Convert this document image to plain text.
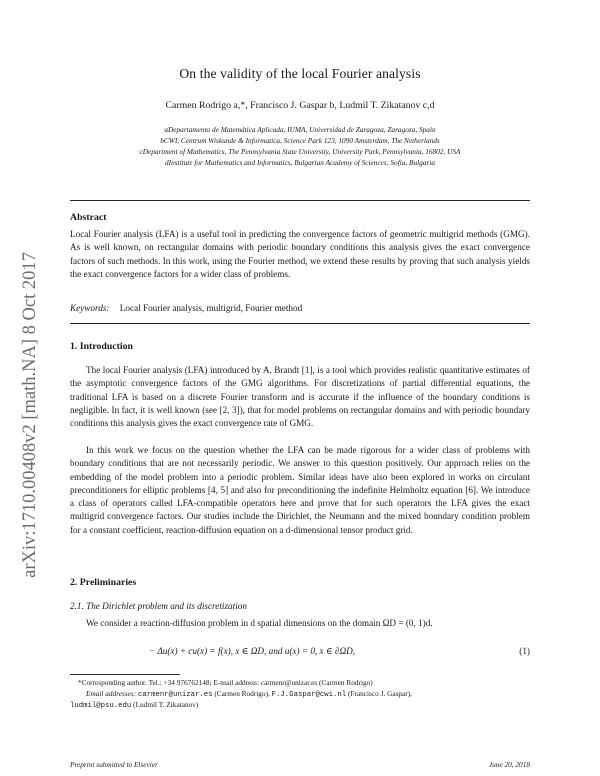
arXiv:1710.00408v2 [math.NA] 8 Oct 2017
On the validity of the local Fourier analysis
Carmen Rodrigo a,*, Francisco J. Gaspar b, Ludmil T. Zikatanov c,d
aDepartamento de Matemática Aplicada, IUMA, Universidad de Zaragoza, Zaragoza, Spain
bCWI, Centrum Wiskunde & Informatica, Science Park 123, 1090 Amsterdam, The Netherlands
cDepartment of Mathematics, The Pennsylvania State University, University Park, Pennsylvania, 16802, USA
dInstitute for Mathematics and Informatics, Bulgarian Academy of Sciences, Sofia, Bulgaria
Abstract

Local Fourier analysis (LFA) is a useful tool in predicting the convergence factors of geometric multigrid methods (GMG). As is well known, on rectangular domains with periodic boundary conditions this analysis gives the exact convergence factors of such methods. In this work, using the Fourier method, we extend these results by proving that such analysis yields the exact convergence factors for a wider class of problems.

Keywords: Local Fourier analysis, multigrid, Fourier method
1. Introduction

The local Fourier analysis (LFA) introduced by A. Brandt [1], is a tool which provides realistic quantitative estimates of the asymptotic convergence factors of the GMG algorithms. For discretizations of partial differential equations, the traditional LFA is based on a discrete Fourier transform and is accurate if the influence of the boundary conditions is negligible. In fact, it is well known (see [2, 3]), that for model problems on rectangular domains and with periodic boundary conditions this analysis gives the exact convergence rate of GMG.

In this work we focus on the question whether the LFA can be made rigorous for a wider class of problems with boundary conditions that are not necessarily periodic. We answer to this question positively. Our approach relies on the embedding of the model problem into a periodic problem. Similar ideas have also been explored in works on circulant preconditioners for elliptic problems [4, 5] and also for preconditioning the indefinite Helmholtz equation [6]. We introduce a class of operators called LFA-compatible operators here and prove that for such operators the LFA gives the exact multigrid convergence factors. Our studies include the Dirichlet, the Neumann and the mixed boundary condition problem for a constant coefficient, reaction-diffusion equation on a d-dimensional tensor product grid.

2. Preliminaries
2.1. The Dirichlet problem and its discretization

We consider a reaction-diffusion problem in d spatial dimensions on the domain ΩD = (0, 1)d.

− Δu(x) + cu(x) = f(x), x ∈ ΩD, and u(x) = 0, x ∈ ∂ΩD,	(1)
*Corresponding author. Tel.: +34 976762148; E-mail address: carmenr@unizar.es (Carmen Rodrigo)
Email addresses: carmenr@unizar.es (Carmen Rodrigo), F.J.Gaspar@cwi.nl (Francisco J. Gaspar),
ludmil@psu.edu (Ludmil T. Zikatanov)
Preprint submitted to Elsevier	June 20, 2018
